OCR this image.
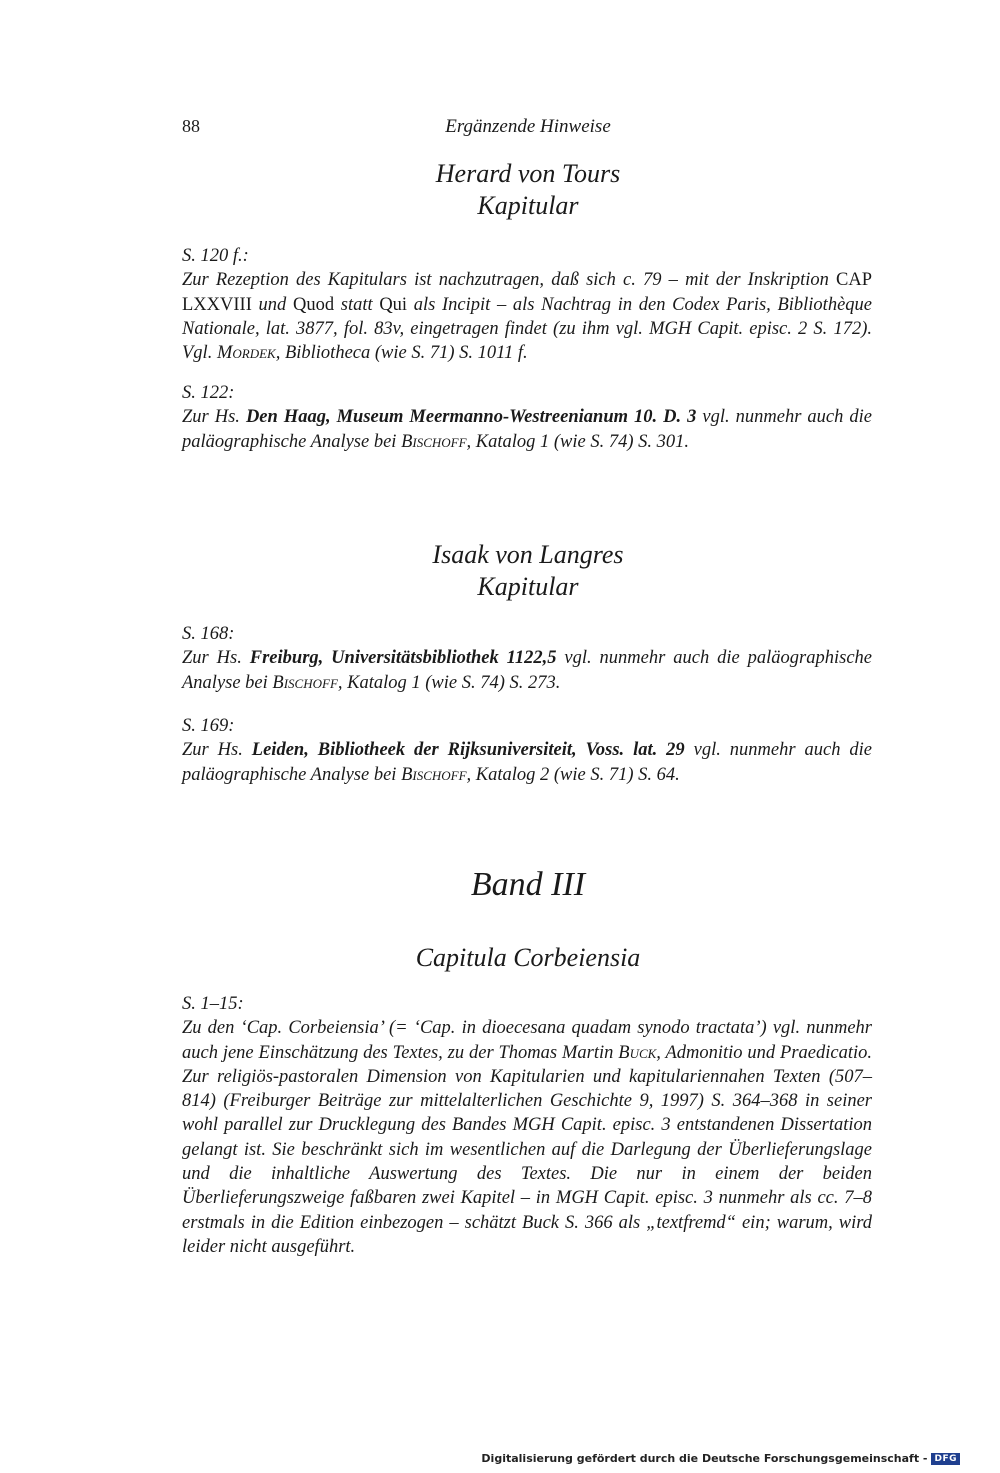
88	Ergänzende Hinweise
Herard von Tours
Kapitular
S. 120 f.:

Zur Rezeption des Kapitulars ist nachzutragen, daß sich c. 79 – mit der Inskription CAP LXXVIII und Quod statt Qui als Incipit – als Nachtrag in den Codex Paris, Bibliothèque Nationale, lat. 3877, fol. 83v, eingetragen findet (zu ihm vgl. MGH Capit. episc. 2 S. 172). Vgl. Mordek, Bibliotheca (wie S. 71) S. 1011 f.

S. 122:

Zur Hs. Den Haag, Museum Meermanno-Westreenianum 10. D. 3 vgl. nunmehr auch die paläographische Analyse bei Bischoff, Katalog 1 (wie S. 74) S. 301.

Isaak von Langres
Kapitular
S. 168:

Zur Hs. Freiburg, Universitätsbibliothek 1122,5 vgl. nunmehr auch die paläographische Analyse bei Bischoff, Katalog 1 (wie S. 74) S. 273.

S. 169:

Zur Hs. Leiden, Bibliotheek der Rijksuniversiteit, Voss. lat. 29 vgl. nunmehr auch die paläographische Analyse bei Bischoff, Katalog 2 (wie S. 71) S. 64.

Band III
Capitula Corbeiensia
S. 1–15:

Zu den ‘Cap. Corbeiensia’ (= ‘Cap. in dioecesana quadam synodo tractata’) vgl. nunmehr auch jene Einschätzung des Textes, zu der Thomas Martin Buck, Admonitio und Praedicatio. Zur religiös-pastoralen Dimension von Kapitularien und kapitulariennahen Texten (507–814) (Freiburger Beiträge zur mittelalterlichen Geschichte 9, 1997) S. 364–368 in seiner wohl parallel zur Drucklegung des Bandes MGH Capit. episc. 3 entstandenen Dissertation gelangt ist. Sie beschränkt sich im wesentlichen auf die Darlegung der Überlieferungslage und die inhaltliche Auswertung des Textes. Die nur in einem der beiden Überlieferungszweige faßbaren zwei Kapitel – in MGH Capit. episc. 3 nunmehr als cc. 7–8 erstmals in die Edition einbezogen – schätzt Buck S. 366 als „textfremd“ ein; warum, wird leider nicht ausgeführt.

Digitalisierung gefördert durch die Deutsche Forschungsgemeinschaft - DFG
